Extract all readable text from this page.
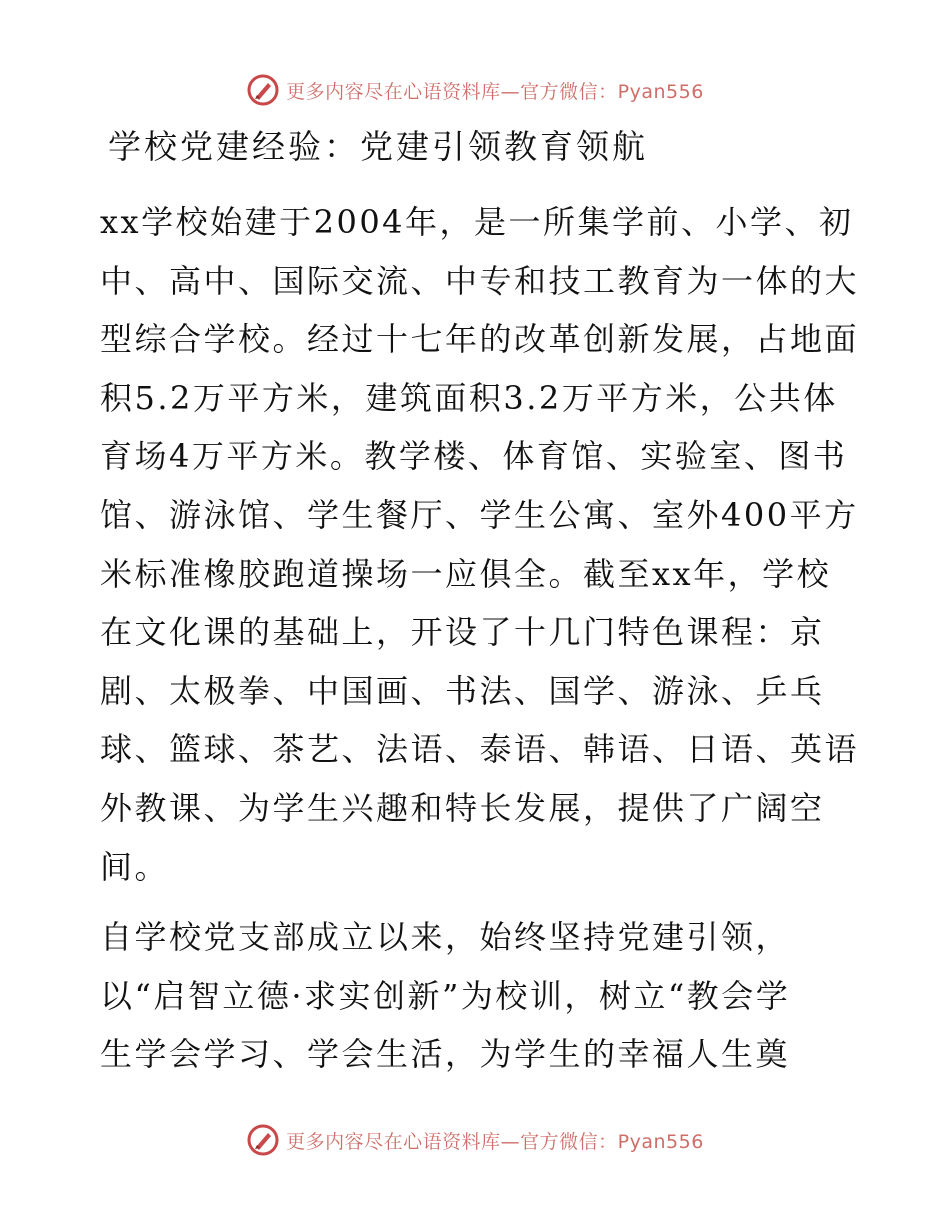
更多内容尽在心语资料库—官方微信：Pyan556
学校党建经验：党建引领教育领航
xx学校始建于2004年，是一所集学前、小学、初
中、高中、国际交流、中专和技工教育为一体的大
型综合学校。经过十七年的改革创新发展，占地面
积5.2万平方米，建筑面积3.2万平方米，公共体
育场4万平方米。教学楼、体育馆、实验室、图书
馆、游泳馆、学生餐厅、学生公寓、室外400平方
米标准橡胶跑道操场一应俱全。截至xx年，学校
在文化课的基础上，开设了十几门特色课程：京
剧、太极拳、中国画、书法、国学、游泳、乒乓
球、篮球、茶艺、法语、泰语、韩语、日语、英语
外教课、为学生兴趣和特长发展，提供了广阔空
间。
自学校党支部成立以来，始终坚持党建引领，
以“启智立德·求实创新”为校训，树立“教会学
生学会学习、学会生活，为学生的幸福人生奠
更多内容尽在心语资料库—官方微信：Pyan556
